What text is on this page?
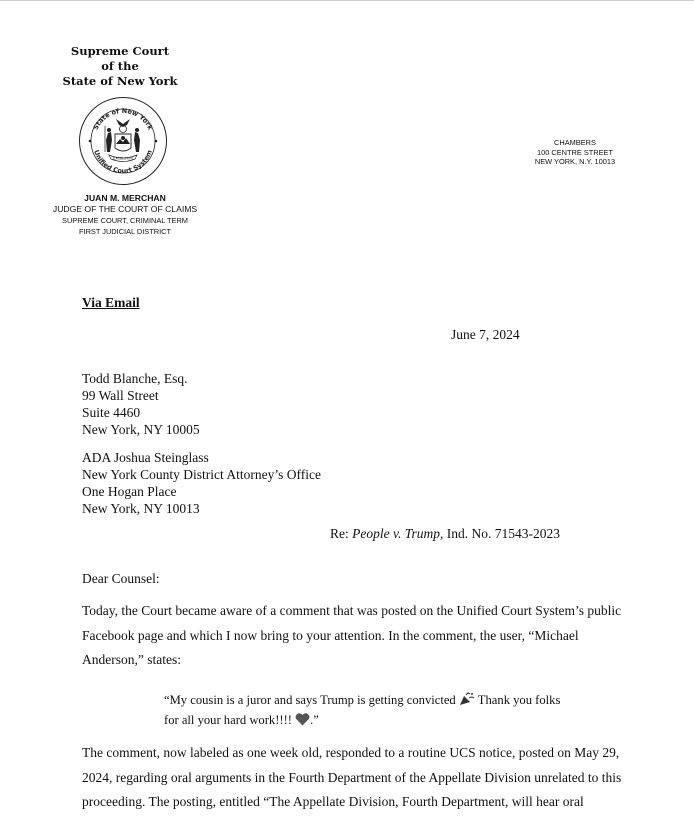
Supreme Court
of the
State of New York
State of New York
Unified Court System
EXCELSIOR
JUAN M. MERCHAN
JUDGE OF THE COURT OF CLAIMS
SUPREME COURT, CRIMINAL TERM
FIRST JUDICIAL DISTRICT
CHAMBERS
100 CENTRE STREET
NEW YORK, N.Y. 10013
Via Email
June 7, 2024
Todd Blanche, Esq.
99 Wall Street
Suite 4460
New York, NY 10005
ADA Joshua Steinglass
New York County District Attorney’s Office
One Hogan Place
New York, NY 10013
Re: People v. Trump, Ind. No. 71543-2023
Dear Counsel:
Today, the Court became aware of a comment that was posted on the Unified Court System’s public Facebook page and which I now bring to your attention. In the comment, the user, “Michael Anderson,” states:
“My cousin is a juror and says Trump is getting convicted  Thank you folks for all your hard work!!!! .”
The comment, now labeled as one week old, responded to a routine UCS notice, posted on May 29, 2024, regarding oral arguments in the Fourth Department of the Appellate Division unrelated to this proceeding. The posting, entitled “The Appellate Division, Fourth Department, will hear oral
